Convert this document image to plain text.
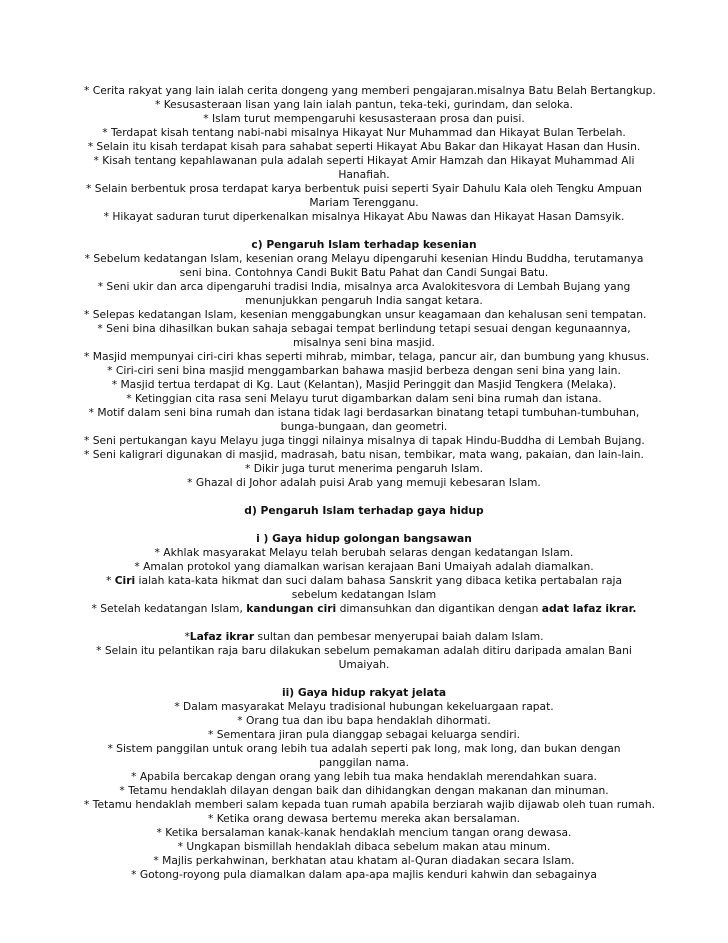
* Cerita rakyat yang lain ialah cerita dongeng yang memberi pengajaran.misalnya Batu Belah Bertangkup.
* Kesusasteraan lisan yang lain ialah pantun, teka-teki, gurindam, dan seloka.
* Islam turut mempengaruhi kesusasteraan prosa dan puisi.
* Terdapat kisah tentang nabi-nabi misalnya Hikayat Nur Muhammad dan Hikayat Bulan Terbelah.
* Selain itu kisah terdapat kisah para sahabat seperti Hikayat Abu Bakar dan Hikayat Hasan dan Husin.
* Kisah tentang kepahlawanan pula adalah seperti Hikayat Amir Hamzah dan Hikayat Muhammad Ali Hanafiah.
* Selain berbentuk prosa terdapat karya berbentuk puisi seperti Syair Dahulu Kala oleh Tengku Ampuan Mariam Terengganu.
* Hikayat saduran turut diperkenalkan misalnya Hikayat Abu Nawas dan Hikayat Hasan Damsyik.
c) Pengaruh Islam terhadap kesenian
* Sebelum kedatangan Islam, kesenian orang Melayu dipengaruhi kesenian Hindu Buddha, terutamanya seni bina. Contohnya Candi Bukit Batu Pahat dan Candi Sungai Batu.
* Seni ukir dan arca dipengaruhi tradisi India, misalnya arca Avalokitesvora di Lembah Bujang yang menunjukkan pengaruh India sangat ketara.
* Selepas kedatangan Islam, kesenian menggabungkan unsur keagamaan dan kehalusan seni tempatan.
* Seni bina dihasilkan bukan sahaja sebagai tempat berlindung tetapi sesuai dengan kegunaannya, misalnya seni bina masjid.
* Masjid mempunyai ciri-ciri khas seperti mihrab, mimbar, telaga, pancur air, dan bumbung yang khusus.
* Ciri-ciri seni bina masjid menggambarkan bahawa masjid berbeza dengan seni bina yang lain.
* Masjid tertua terdapat di Kg. Laut (Kelantan), Masjid Peringgit dan Masjid Tengkera (Melaka).
* Ketinggian cita rasa seni Melayu turut digambarkan dalam seni bina rumah dan istana.
* Motif dalam seni bina rumah dan istana tidak lagi berdasarkan binatang tetapi tumbuhan-tumbuhan, bunga-bungaan, dan geometri.
* Seni pertukangan kayu Melayu juga tinggi nilainya misalnya di tapak Hindu-Buddha di Lembah Bujang.
* Seni kaligrari digunakan di masjid, madrasah, batu nisan, tembikar, mata wang, pakaian, dan lain-lain.
* Dikir juga turut menerima pengaruh Islam.
* Ghazal di Johor adalah puisi Arab yang memuji kebesaran Islam.
d) Pengaruh Islam terhadap gaya hidup
i ) Gaya hidup golongan bangsawan
* Akhlak masyarakat Melayu telah berubah selaras dengan kedatangan Islam.
* Amalan protokol yang diamalkan warisan kerajaan Bani Umaiyah adalah diamalkan.
* Ciri ialah kata-kata hikmat dan suci dalam bahasa Sanskrit yang dibaca ketika pertabalan raja sebelum kedatangan Islam
* Setelah kedatangan Islam, kandungan ciri dimansuhkan dan digantikan dengan adat lafaz ikrar.
*Lafaz ikrar sultan dan pembesar menyerupai baiah dalam Islam.
* Selain itu pelantikan raja baru dilakukan sebelum pemakaman adalah ditiru daripada amalan Bani Umaiyah.
ii) Gaya hidup rakyat jelata
* Dalam masyarakat Melayu tradisional hubungan kekeluargaan rapat.
* Orang tua dan ibu bapa hendaklah dihormati.
* Sementara jiran pula dianggap sebagai keluarga sendiri.
* Sistem panggilan untuk orang lebih tua adalah seperti pak long, mak long, dan bukan dengan panggilan nama.
* Apabila bercakap dengan orang yang lebih tua maka hendaklah merendahkan suara.
* Tetamu hendaklah dilayan dengan baik dan dihidangkan dengan makanan dan minuman.
* Tetamu hendaklah memberi salam kepada tuan rumah apabila berziarah wajib dijawab oleh tuan rumah.
* Ketika orang dewasa bertemu mereka akan bersalaman.
* Ketika bersalaman kanak-kanak hendaklah mencium tangan orang dewasa.
* Ungkapan bismillah hendaklah dibaca sebelum makan atau minum.
* Majlis perkahwinan, berkhatan atau khatam al-Quran diadakan secara Islam.
* Gotong-royong pula diamalkan dalam apa-apa majlis kenduri kahwin dan sebagainya
